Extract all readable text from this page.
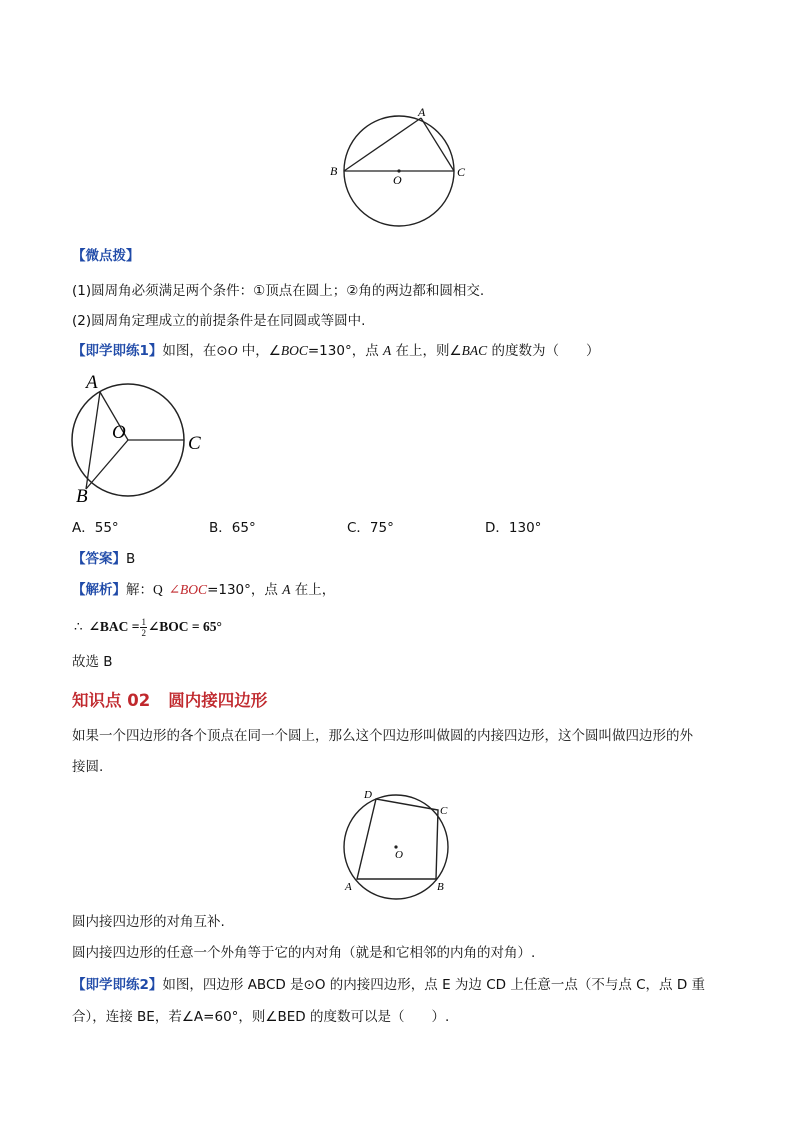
A
B	C
O
【微点拨】
(1)圆周角必须满足两个条件：①顶点在圆上；②角的两边都和圆相交.
(2)圆周角定理成立的前提条件是在同圆或等圆中.
【即学即练1】如图，在⊙O 中，∠BOC=130°，点 A 在上，则∠BAC 的度数为（　　）
A
O
C
B
A．55°	B．65°	C．75°	D．130°
【答案】B
【解析】解：Q ∠BOC=130°，点 A 在上，
∴ ∠BAC = $\frac{1}{2}$ ∠BOC = 65°
故选 B
知识点 02 圆内接四边形
如果一个四边形的各个顶点在同一个圆上，那么这个四边形叫做圆的内接四边形，这个圆叫做四边形的外
接圆.
D
C
O
A	B
圆内接四边形的对角互补.
圆内接四边形的任意一个外角等于它的内对角（就是和它相邻的内角的对角）.
【即学即练2】如图，四边形 ABCD 是⊙O 的内接四边形，点 E 为边 CD 上任意一点（不与点 C，点 D 重
合），连接 BE，若∠A=60°，则∠BED 的度数可以是（　　）.
